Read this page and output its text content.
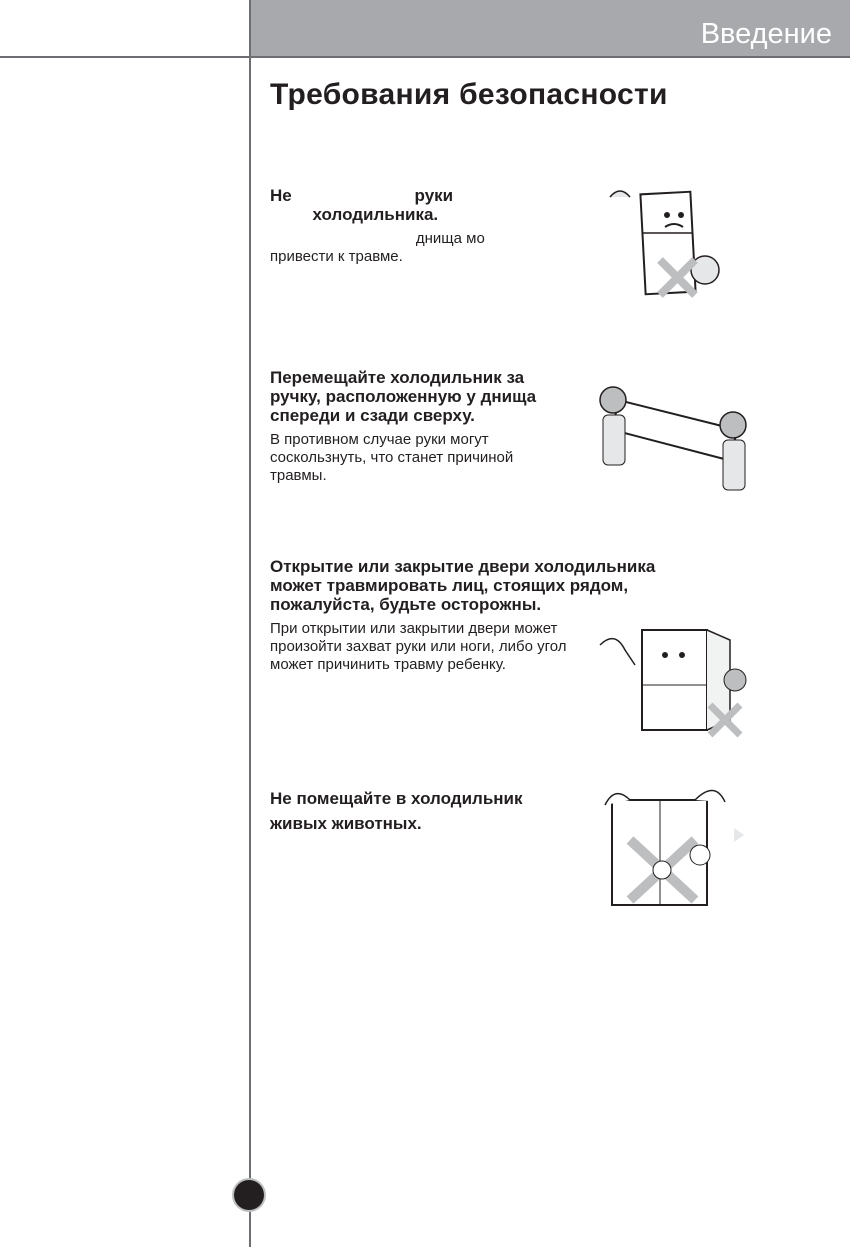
Введение
Требования безопасности
Не                          руки
холодильника.
днища мо
привести к травме.
Перемещайте холодильник за ручку, расположенную у днища спереди и сзади сверху.
В противном случае руки могут соскользнуть, что станет причиной травмы.
Открытие или закрытие двери холодильника может травмировать лиц, стоящих рядом, пожалуйста, будьте осторожны.
При открытии или закрытии двери может произойти захват руки или ноги, либо угол может причинить травму ребенку.
Не помещайте в холодильник живых животных.
